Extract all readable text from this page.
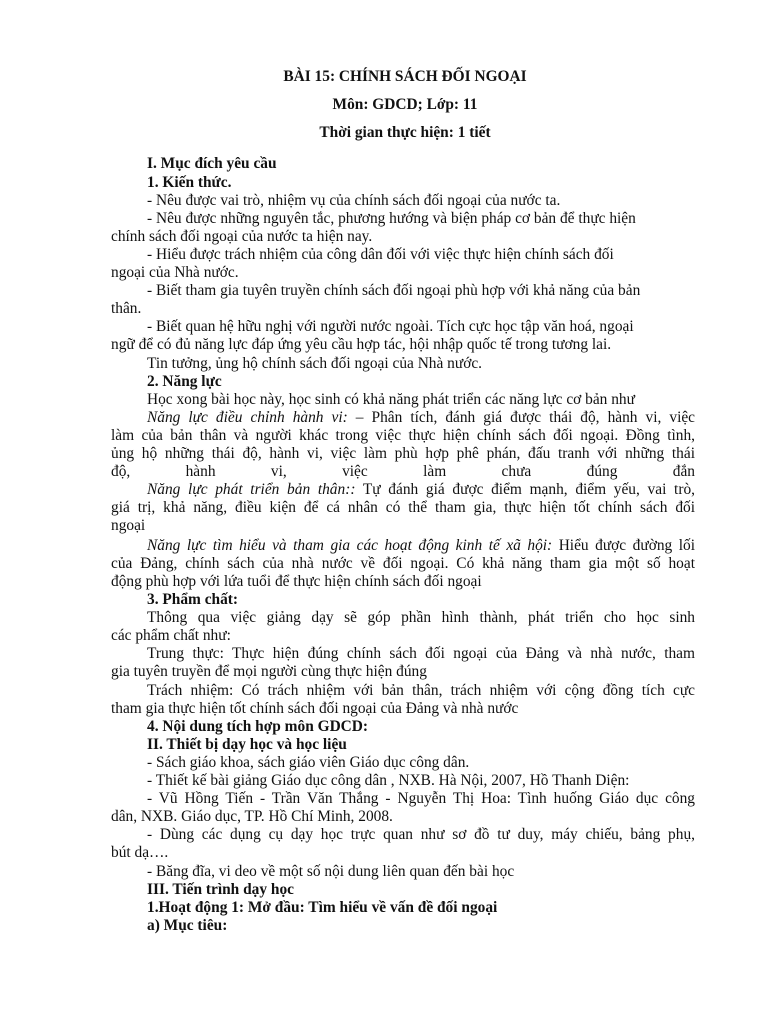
BÀI 15: CHÍNH SÁCH ĐỐI NGOẠI
Môn: GDCD; Lớp: 11
Thời gian thực hiện: 1 tiết
I. Mục đích yêu cầu
1. Kiến thức.
- Nêu được vai trò, nhiệm vụ của chính sách đối ngoại của nước ta.
- Nêu được những nguyên tắc, phương hướng và biện pháp cơ bản để thực hiện
chính sách đối ngoại của nước ta hiện nay.
- Hiểu được trách nhiệm của công dân đối với việc thực hiện chính sách đối
ngoại của Nhà nước.
- Biết tham gia tuyên truyền chính sách đối ngoại phù hợp với khả năng của bản
thân.
- Biết quan hệ hữu nghị với người nước ngoài. Tích cực học tập văn hoá, ngoại
ngữ để có đủ năng lực đáp ứng yêu cầu hợp tác, hội nhập quốc tế trong tương lai.
Tin tưởng, ủng hộ chính sách đối ngoại của Nhà nước.
2. Năng lực
Học xong bài học này, học sinh có khả năng phát triển các năng lực cơ bản như
Năng lực điều chỉnh hành vi: – Phân tích, đánh giá được thái độ, hành vi, việc
làm của bản thân và người khác trong việc thực hiện chính sách đối ngoại. Đồng tình,
ủng hộ những thái độ, hành vi, việc làm phù hợp phê phán, đấu tranh với những thái
độ, hành vi, việc làm chưa đúng đắn
Năng lực phát triển bản thân:: Tự đánh giá được điểm mạnh, điểm yếu, vai trò,
giá trị, khả năng, điều kiện để cá nhân có thể tham gia, thực hiện tốt chính sách đối
ngoại
Năng lực tìm hiểu và tham gia các hoạt động kinh tế xã hội: Hiểu được đường lối
của Đảng, chính sách của nhà nước về đối ngoại. Có khả năng tham gia một số hoạt
động phù hợp với lứa tuổi để thực hiện chính sách đối ngoại
3. Phẩm chất:
Thông qua việc giảng dạy sẽ góp phần hình thành, phát triển cho học sinh
các phẩm chất như:
Trung thực: Thực hiện đúng chính sách đối ngoại của Đảng và nhà nước, tham
gia tuyên truyền để mọi người cùng thực hiện đúng
Trách nhiệm: Có trách nhiệm với bản thân, trách nhiệm với cộng đồng tích cực
tham gia thực hiện tốt chính sách đối ngoại của Đảng và nhà nước
4. Nội dung tích hợp môn GDCD:
II. Thiết bị dạy học và học liệu
- Sách giáo khoa, sách giáo viên Giáo dục công dân.
- Thiết kế bài giảng Giáo dục công dân , NXB. Hà Nội, 2007, Hồ Thanh Diện:
- Vũ Hồng Tiến - Trần Văn Thắng - Nguyễn Thị Hoa: Tình huống Giáo dục công
dân, NXB. Giáo dục, TP. Hồ Chí Minh, 2008.
- Dùng các dụng cụ dạy học trực quan như sơ đồ tư duy, máy chiếu, bảng phụ,
bút dạ….
- Băng đĩa, vi deo về một số nội dung liên quan đến bài học
III. Tiến trình dạy học
1.Hoạt động 1: Mở đầu: Tìm hiểu về vấn đề đối ngoại
a) Mục tiêu:
